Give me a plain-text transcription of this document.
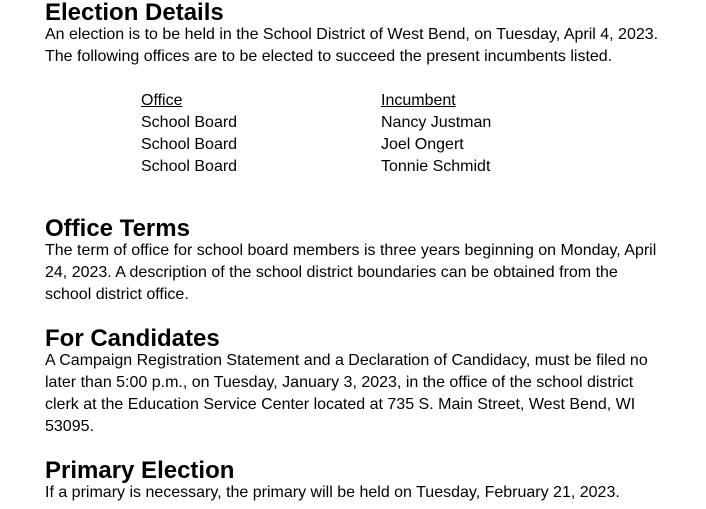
Election Details
An election is to be held in the School District of West Bend, on Tuesday, April 4, 2023.
The following offices are to be elected to succeed the present incumbents listed.
Office	Incumbent
School Board	Nancy Justman
School Board	Joel Ongert
School Board	Tonnie Schmidt
Office Terms
The term of office for school board members is three years beginning on Monday, April
24, 2023. A description of the school district boundaries can be obtained from the
school district office.
For Candidates
A Campaign Registration Statement and a Declaration of Candidacy, must be filed no
later than 5:00 p.m., on Tuesday, January 3, 2023, in the office of the school district
clerk at the Education Service Center located at 735 S. Main Street, West Bend, WI
53095.
Primary Election
If a primary is necessary, the primary will be held on Tuesday, February 21, 2023.
